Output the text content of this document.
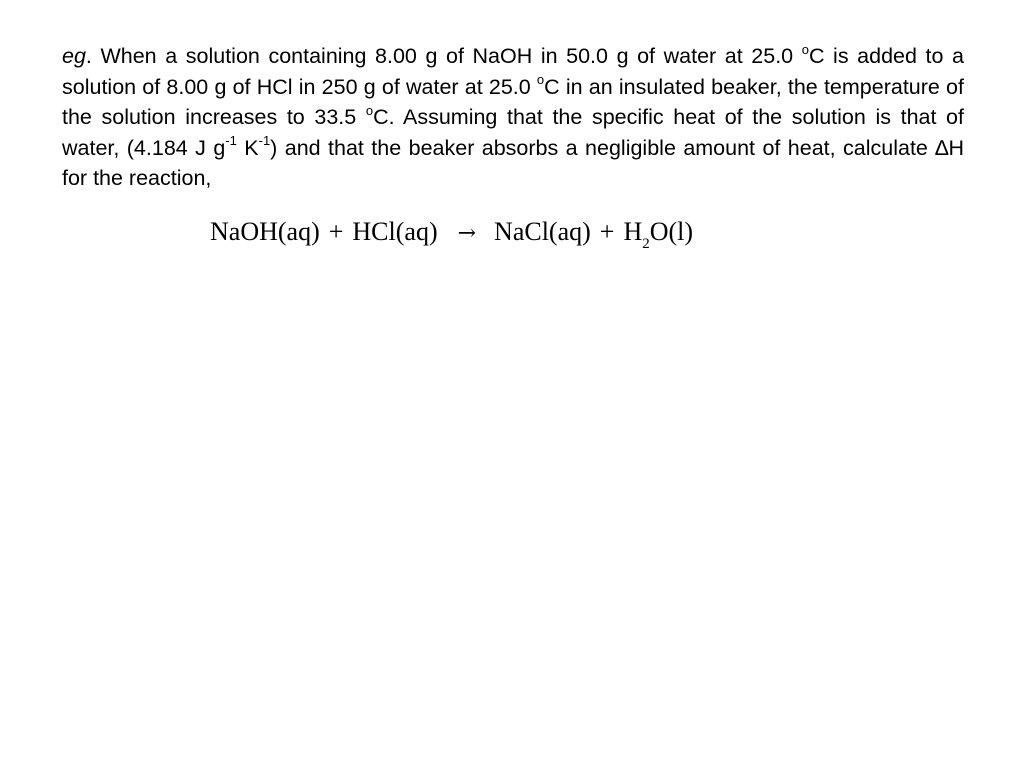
eg. When a solution containing 8.00 g of NaOH in 50.0 g of water at 25.0 $^o$C is added to a solution of 8.00 g of HCl in 250 g of water at 25.0 $^o$C in an insulated beaker, the temperature of the solution increases to 33.5 $^o$C. Assuming that the specific heat of the solution is that of water, (4.184 J $g^{-1}$ $K^{-1}$) and that the beaker absorbs a negligible amount of heat, calculate ∆H for the reaction,
NaOH(aq) + HCl(aq) → NaCl(aq) + $H_2O(l)$
